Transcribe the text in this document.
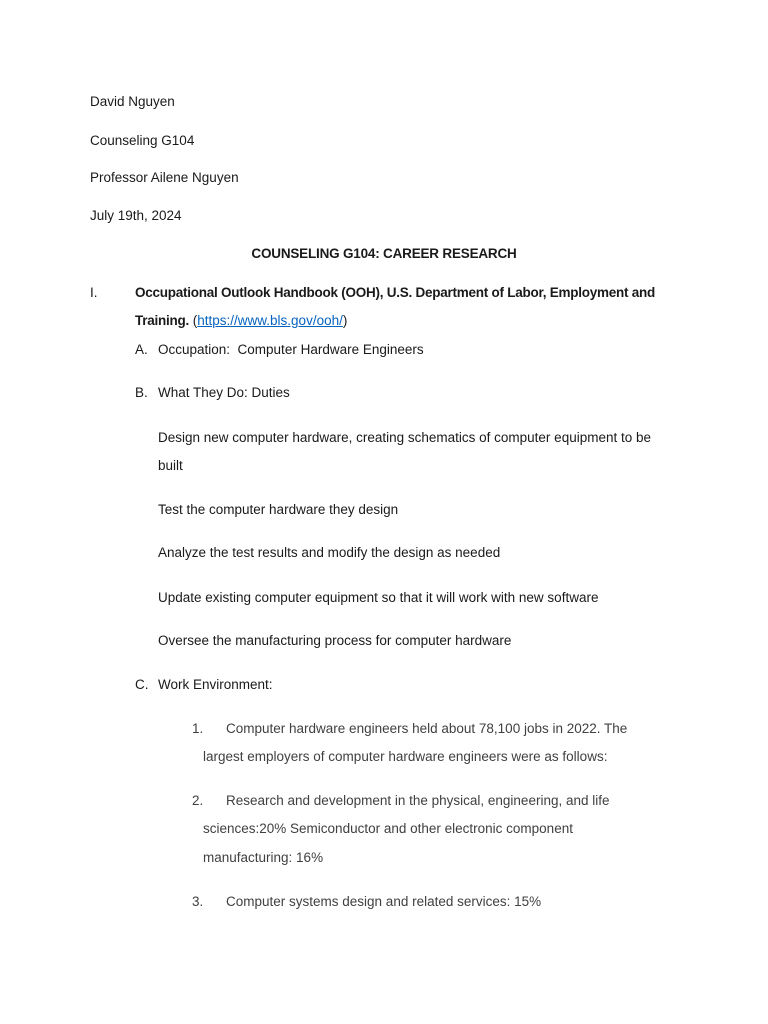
David Nguyen
Counseling G104
Professor Ailene Nguyen
July 19th, 2024
COUNSELING G104: CAREER RESEARCH
I.	Occupational Outlook Handbook (OOH), U.S. Department of Labor, Employment and
Training. (https://www.bls.gov/ooh/)
A. Occupation:  Computer Hardware Engineers
B. What They Do: Duties
Design new computer hardware, creating schematics of computer equipment to be
built
Test the computer hardware they design
Analyze the test results and modify the design as needed
Update existing computer equipment so that it will work with new software
Oversee the manufacturing process for computer hardware
C. Work Environment:
1. Computer hardware engineers held about 78,100 jobs in 2022. The
largest employers of computer hardware engineers were as follows:
2. Research and development in the physical, engineering, and life
sciences:20% Semiconductor and other electronic component
manufacturing: 16%
3. Computer systems design and related services: 15%
